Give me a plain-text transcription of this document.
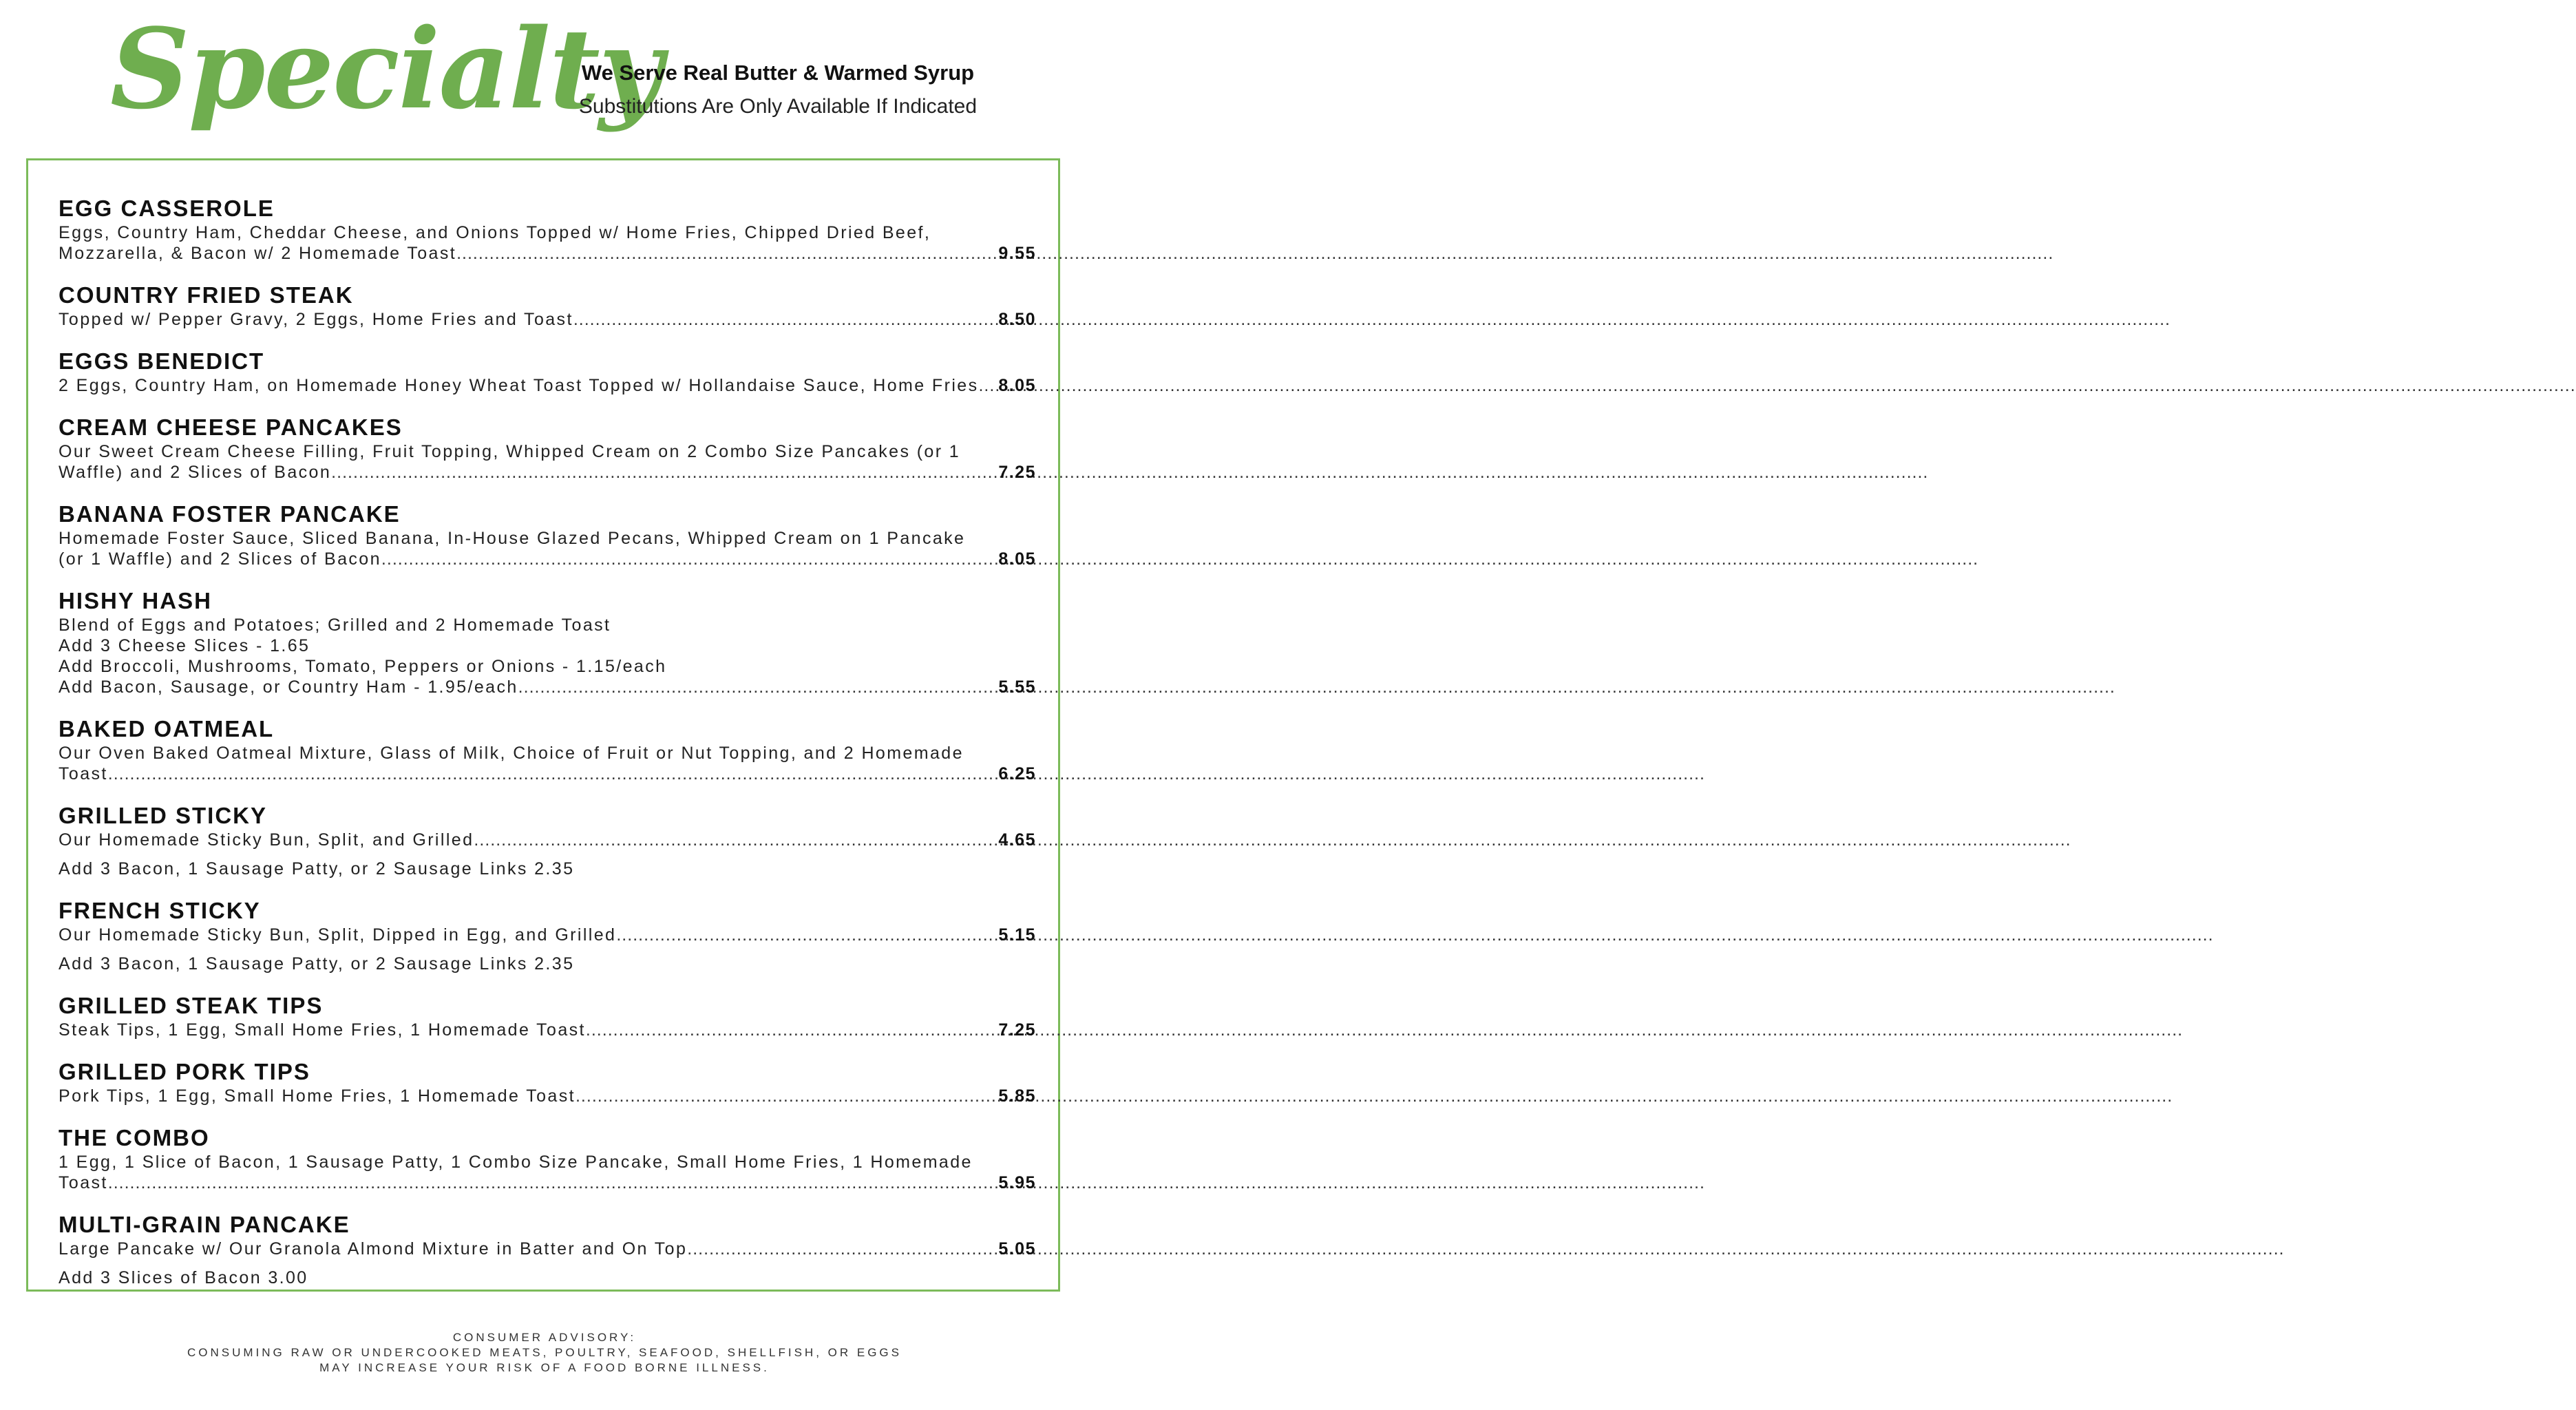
Specialty
We Serve Real Butter & Warmed Syrup
Substitutions Are Only Available If Indicated
EGG CASSEROLE
Eggs, Country Ham, Cheddar Cheese, and Onions Topped w/ Home Fries, Chipped Dried Beef,
Mozzarella, & Bacon w/ 2 Homemade Toast .....	9.55
COUNTRY FRIED STEAK
Topped w/ Pepper Gravy, 2 Eggs, Home Fries and Toast .....	8.50
EGGS BENEDICT
2 Eggs, Country Ham, on Homemade Honey Wheat Toast Topped w/ Hollandaise Sauce, Home Fries ..... 8.05
CREAM CHEESE PANCAKES
Our Sweet Cream Cheese Filling, Fruit Topping, Whipped Cream on 2 Combo Size Pancakes (or 1
Waffle) and 2 Slices of Bacon .....	7.25
BANANA FOSTER PANCAKE
Homemade Foster Sauce, Sliced Banana, In-House Glazed Pecans, Whipped Cream on 1 Pancake
(or 1 Waffle) and 2 Slices of Bacon .....	8.05
HISHY HASH
Blend of Eggs and Potatoes; Grilled and 2 Homemade Toast
Add 3 Cheese Slices - 1.65
Add Broccoli, Mushrooms, Tomato, Peppers or Onions - 1.15/each
Add Bacon, Sausage, or Country Ham - 1.95/each .....	5.55
BAKED OATMEAL
Our Oven Baked Oatmeal Mixture, Glass of Milk, Choice of Fruit or Nut Topping, and 2 Homemade
Toast .....	6.25
GRILLED STICKY
Our Homemade Sticky Bun, Split, and Grilled .....	4.65
Add 3 Bacon, 1 Sausage Patty, or 2 Sausage Links 2.35
FRENCH STICKY
Our Homemade Sticky Bun, Split, Dipped in Egg, and Grilled .....	5.15
Add 3 Bacon, 1 Sausage Patty, or 2 Sausage Links 2.35
GRILLED STEAK TIPS
Steak Tips, 1 Egg, Small Home Fries, 1 Homemade Toast .....	7.25
GRILLED PORK TIPS
Pork Tips, 1 Egg, Small Home Fries, 1 Homemade Toast .....	5.85
THE COMBO
1 Egg, 1 Slice of Bacon, 1 Sausage Patty, 1 Combo Size Pancake, Small Home Fries, 1 Homemade
Toast .....	5.95
MULTI-GRAIN PANCAKE
Large Pancake w/ Our Granola Almond Mixture in Batter and On Top .....	5.05
Add 3 Slices of Bacon 3.00
CONSUMER ADVISORY:
CONSUMING RAW OR UNDERCOOKED MEATS, POULTRY, SEAFOOD, SHELLFISH, OR EGGS
MAY INCREASE YOUR RISK OF A FOOD BORNE ILLNESS.
